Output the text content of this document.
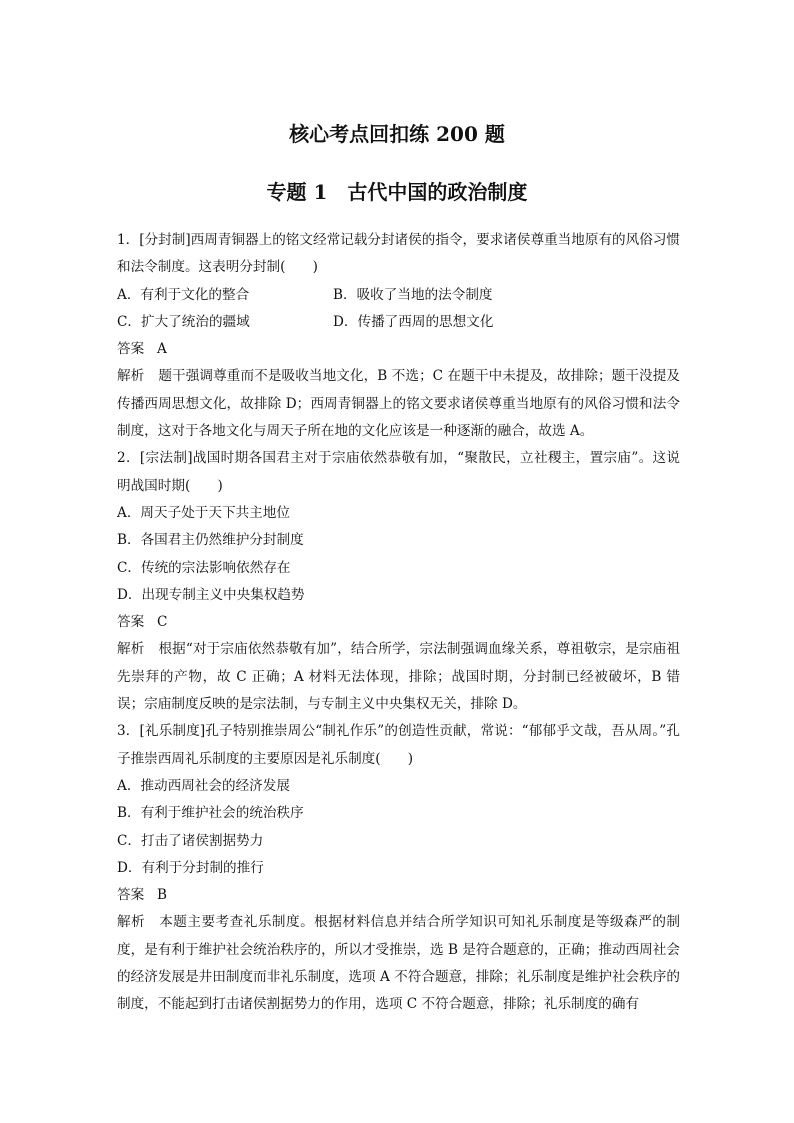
核心考点回扣练 200 题
专题 1　古代中国的政治制度

1．[分封制]西周青铜器上的铭文经常记载分封诸侯的指令，要求诸侯尊重当地原有的风俗习惯和法令制度。这表明分封制(　　)

A．有利于文化的整合	B．吸收了当地的法令制度
C．扩大了统治的疆域	D．传播了西周的思想文化

答案 A

解析 题干强调尊重而不是吸收当地文化，B 不选；C 在题干中未提及，故排除；题干没提及传播西周思想文化，故排除 D；西周青铜器上的铭文要求诸侯尊重当地原有的风俗习惯和法令制度，这对于各地文化与周天子所在地的文化应该是一种逐渐的融合，故选 A。

2．[宗法制]战国时期各国君主对于宗庙依然恭敬有加，“聚散民，立社稷主，置宗庙”。这说明战国时期(　　)

A．周天子处于天下共主地位

B．各国君主仍然维护分封制度

C．传统的宗法影响依然存在

D．出现专制主义中央集权趋势

答案 C

解析 根据“对于宗庙依然恭敬有加”，结合所学，宗法制强调血缘关系，尊祖敬宗，是宗庙祖先崇拜的产物，故 C 正确；A 材料无法体现，排除；战国时期，分封制已经被破坏，B 错误；宗庙制度反映的是宗法制，与专制主义中央集权无关，排除 D。

3．[礼乐制度]孔子特别推崇周公“制礼作乐”的创造性贡献，常说：“郁郁乎文哉，吾从周。”孔子推崇西周礼乐制度的主要原因是礼乐制度(　　)

A．推动西周社会的经济发展

B．有利于维护社会的统治秩序

C．打击了诸侯割据势力

D．有利于分封制的推行

答案 B

解析 本题主要考查礼乐制度。根据材料信息并结合所学知识可知礼乐制度是等级森严的制度，是有利于维护社会统治秩序的，所以才受推崇，选 B 是符合题意的，正确；推动西周社会的经济发展是井田制度而非礼乐制度，选项 A 不符合题意，排除；礼乐制度是维护社会秩序的制度，不能起到打击诸侯割据势力的作用，选项 C 不符合题意，排除；礼乐制度的确有
